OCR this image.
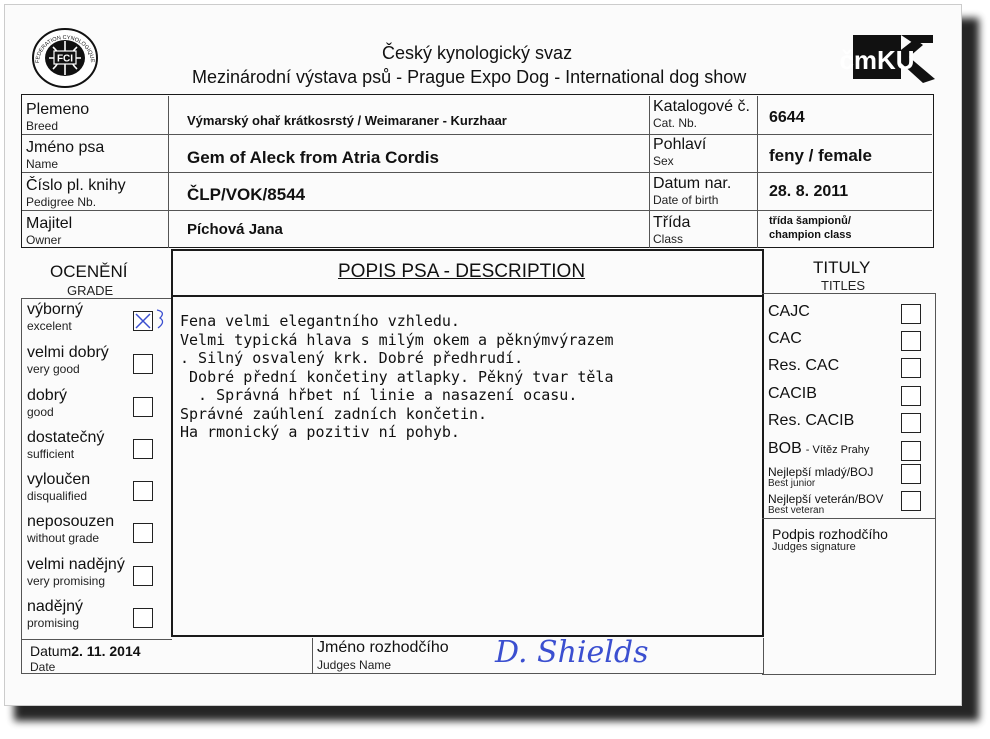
FCI
FEDERATION CYNOLOGIQUE	Český kynologický svaz
Mezinárodní výstava psů - Prague Expo Dog - International dog show
čmKU
Plemeno
Breed
Jméno psa
Name
Číslo pl. knihy
Pedigree Nb.
Majitel
Owner
Výmarský ohař krátkosrstý / Weimaraner - Kurzhaar
Gem of Aleck from Atria Cordis
ČLP/VOK/8544
Píchová Jana
Katalogové č.
Cat. Nb.
Pohlaví
Sex
Datum nar.
Date of birth
Třída
Class
6644
feny / female
28. 8. 2011
třída šampionů/
champion class
OCENĚNÍ
GRADE
výborný
excelent
velmi dobrý
very good
dobrý
good
dostatečný
sufficient
vyloučen
disqualified
neposouzen
without grade
velmi nadějný
very promising
nadějný
promising
POPIS PSA - DESCRIPTION
Fena velmi elegantního vzhledu.
Velmi typická hlava s milým okem a pěknýmvýrazem
. Silný osvalený krk. Dobré předhrudí.
Dobré přední končetiny atlapky. Pěkný tvar těla
. Správná hřbet ní linie a nasazení ocasu.
Správné zaúhlení zadních končetin.
Ha rmonický a pozitiv ní pohyb.
TITULY
TITLES
CAJC
CAC
Res. CAC
CACIB
Res. CACIB
BOB - Vítěz Prahy
Nejlepší mladý/BOJ
Best junior
Nejlepší veterán/BOV
Best veteran
Podpis rozhodčího
Judges signature
Datum2. 11. 2014
Date
Jméno rozhodčího
Judges Name	D. Shields
